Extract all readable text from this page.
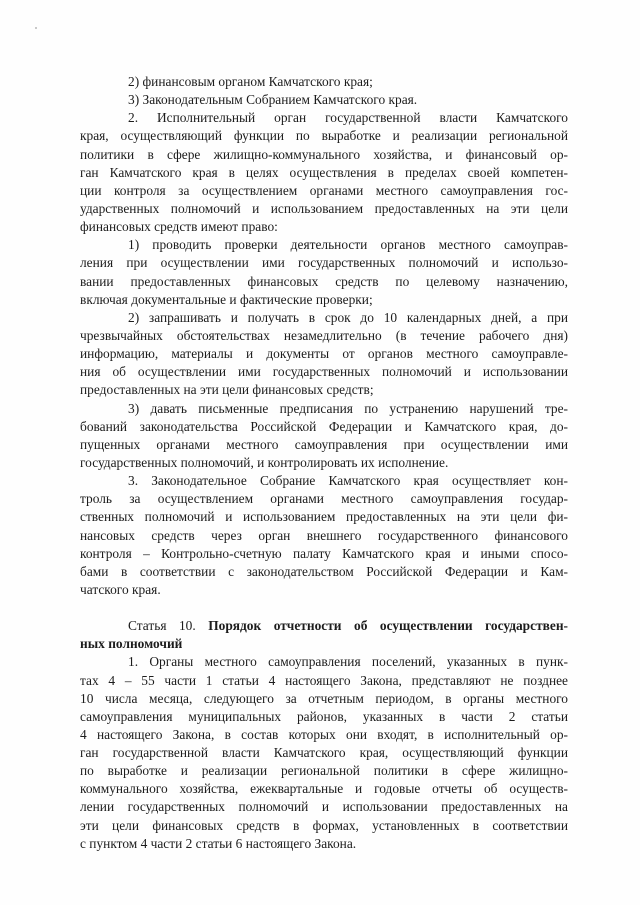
2) финансовым органом Камчатского края;
3) Законодательным Собранием Камчатского края.
2. Исполнительный орган государственной власти Камчатского
края, осуществляющий функции по выработке и реализации региональной
политики в сфере жилищно-коммунального хозяйства, и финансовый ор-
ган Камчатского края в целях осуществления в пределах своей компетен-
ции контроля за осуществлением органами местного самоуправления гос-
ударственных полномочий и использованием предоставленных на эти цели
финансовых средств имеют право:
1) проводить проверки деятельности органов местного самоуправ-
ления при осуществлении ими государственных полномочий и использо-
вании предоставленных финансовых средств по целевому назначению,
включая документальные и фактические проверки;
2) запрашивать и получать в срок до 10 календарных дней, а при
чрезвычайных обстоятельствах незамедлительно (в течение рабочего дня)
информацию, материалы и документы от органов местного самоуправле-
ния об осуществлении ими государственных полномочий и использовании
предоставленных на эти цели финансовых средств;
3) давать письменные предписания по устранению нарушений тре-
бований законодательства Российской Федерации и Камчатского края, до-
пущенных органами местного самоуправления при осуществлении ими
государственных полномочий, и контролировать их исполнение.
3. Законодательное Собрание Камчатского края осуществляет кон-
троль за осуществлением органами местного самоуправления государ-
ственных полномочий и использованием предоставленных на эти цели фи-
нансовых средств через орган внешнего государственного финансового
контроля – Контрольно-счетную палату Камчатского края и иными спосо-
бами в соответствии с законодательством Российской Федерации и Кам-
чатского края.
Статья 10. Порядок отчетности об осуществлении государствен-
ных полномочий
1. Органы местного самоуправления поселений, указанных в пунк-
тах 4 – 55 части 1 статьи 4 настоящего Закона, представляют не позднее
10 числа месяца, следующего за отчетным периодом, в органы местного
самоуправления муниципальных районов, указанных в части 2 статьи
4 настоящего Закона, в состав которых они входят, в исполнительный ор-
ган государственной власти Камчатского края, осуществляющий функции
по выработке и реализации региональной политики в сфере жилищно-
коммунального хозяйства, ежеквартальные и годовые отчеты об осуществ-
лении государственных полномочий и использовании предоставленных на
эти цели финансовых средств в формах, установленных в соответствии
с пунктом 4 части 2 статьи 6 настоящего Закона.
